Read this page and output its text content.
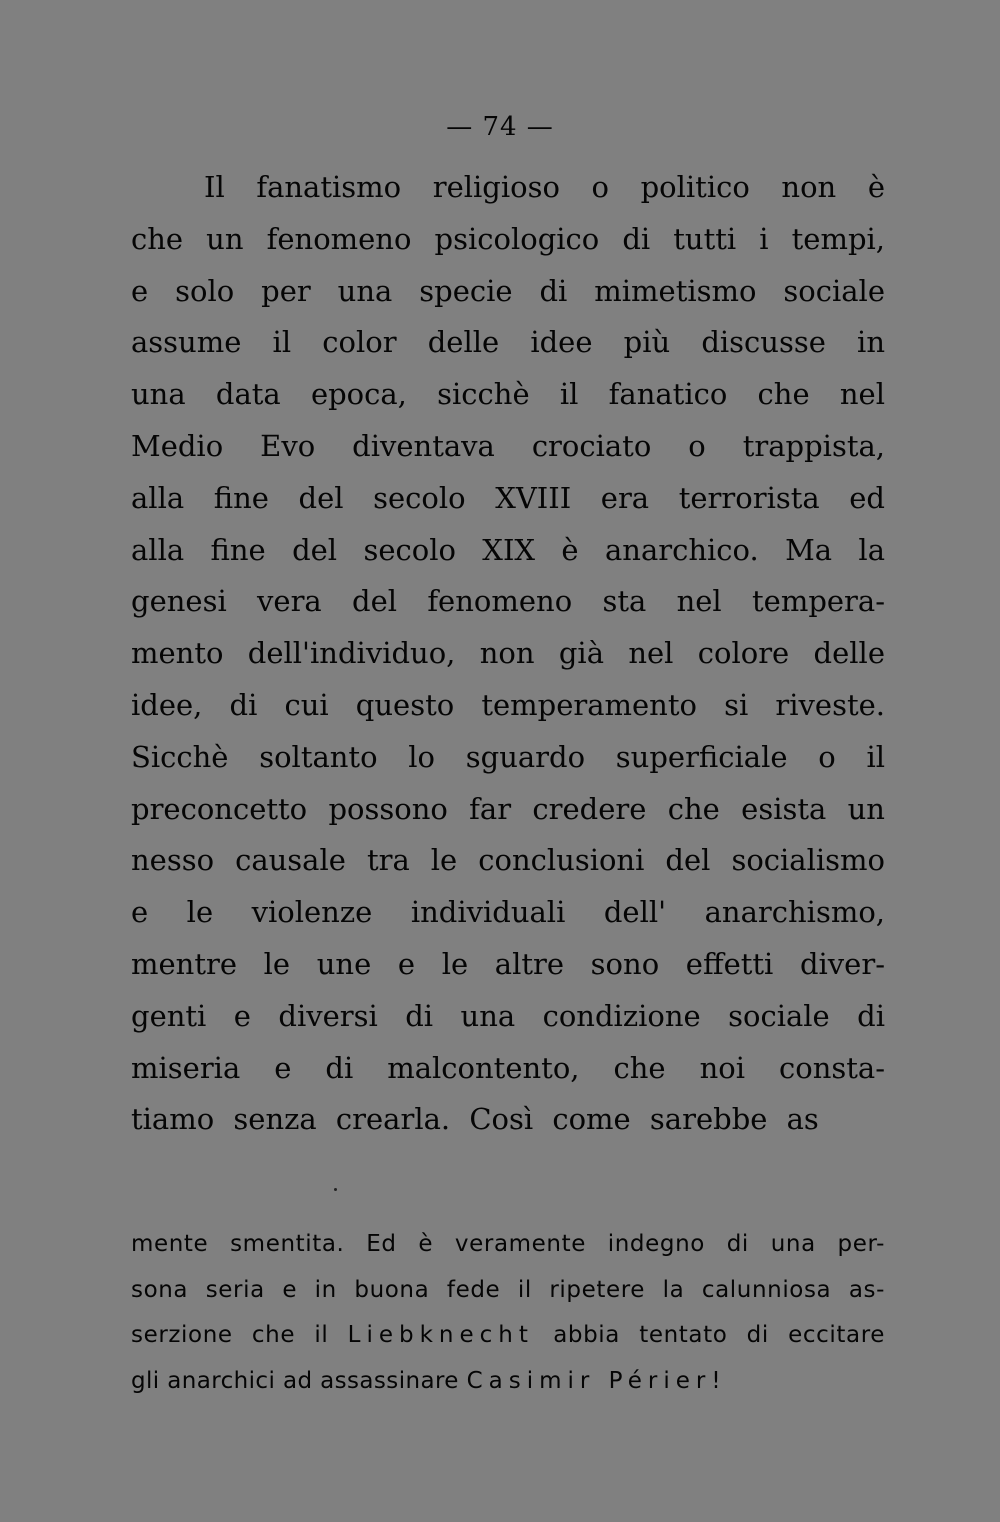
— 74 —
Il fanatismo religioso o politico non è
che un fenomeno psicologico di tutti i tempi,
e solo per una specie di mimetismo sociale
assume il color delle idee più discusse in
una data epoca, sicchè il fanatico che nel
Medio Evo diventava crociato o trappista,
alla fine del secolo XVIII era terrorista ed
alla fine del secolo XIX è anarchico. Ma la
genesi vera del fenomeno sta nel tempera-
mento dell'individuo, non già nel colore delle
idee, di cui questo temperamento si riveste.
Sicchè soltanto lo sguardo superficiale o il
preconcetto possono far credere che esista un
nesso causale tra le conclusioni del socialismo
e le violenze individuali dell' anarchismo,
mentre le une e le altre sono effetti diver-
genti e diversi di una condizione sociale di
miseria e di malcontento, che noi consta-
tiamo senza crearla. Così come sarebbe as
mente smentita. Ed è veramente indegno di una per-
sona seria e in buona fede il ripetere la calunniosa as-
serzione che il Liebknecht abbia tentato di eccitare
gli anarchici ad assassinare Casimir Périer!
